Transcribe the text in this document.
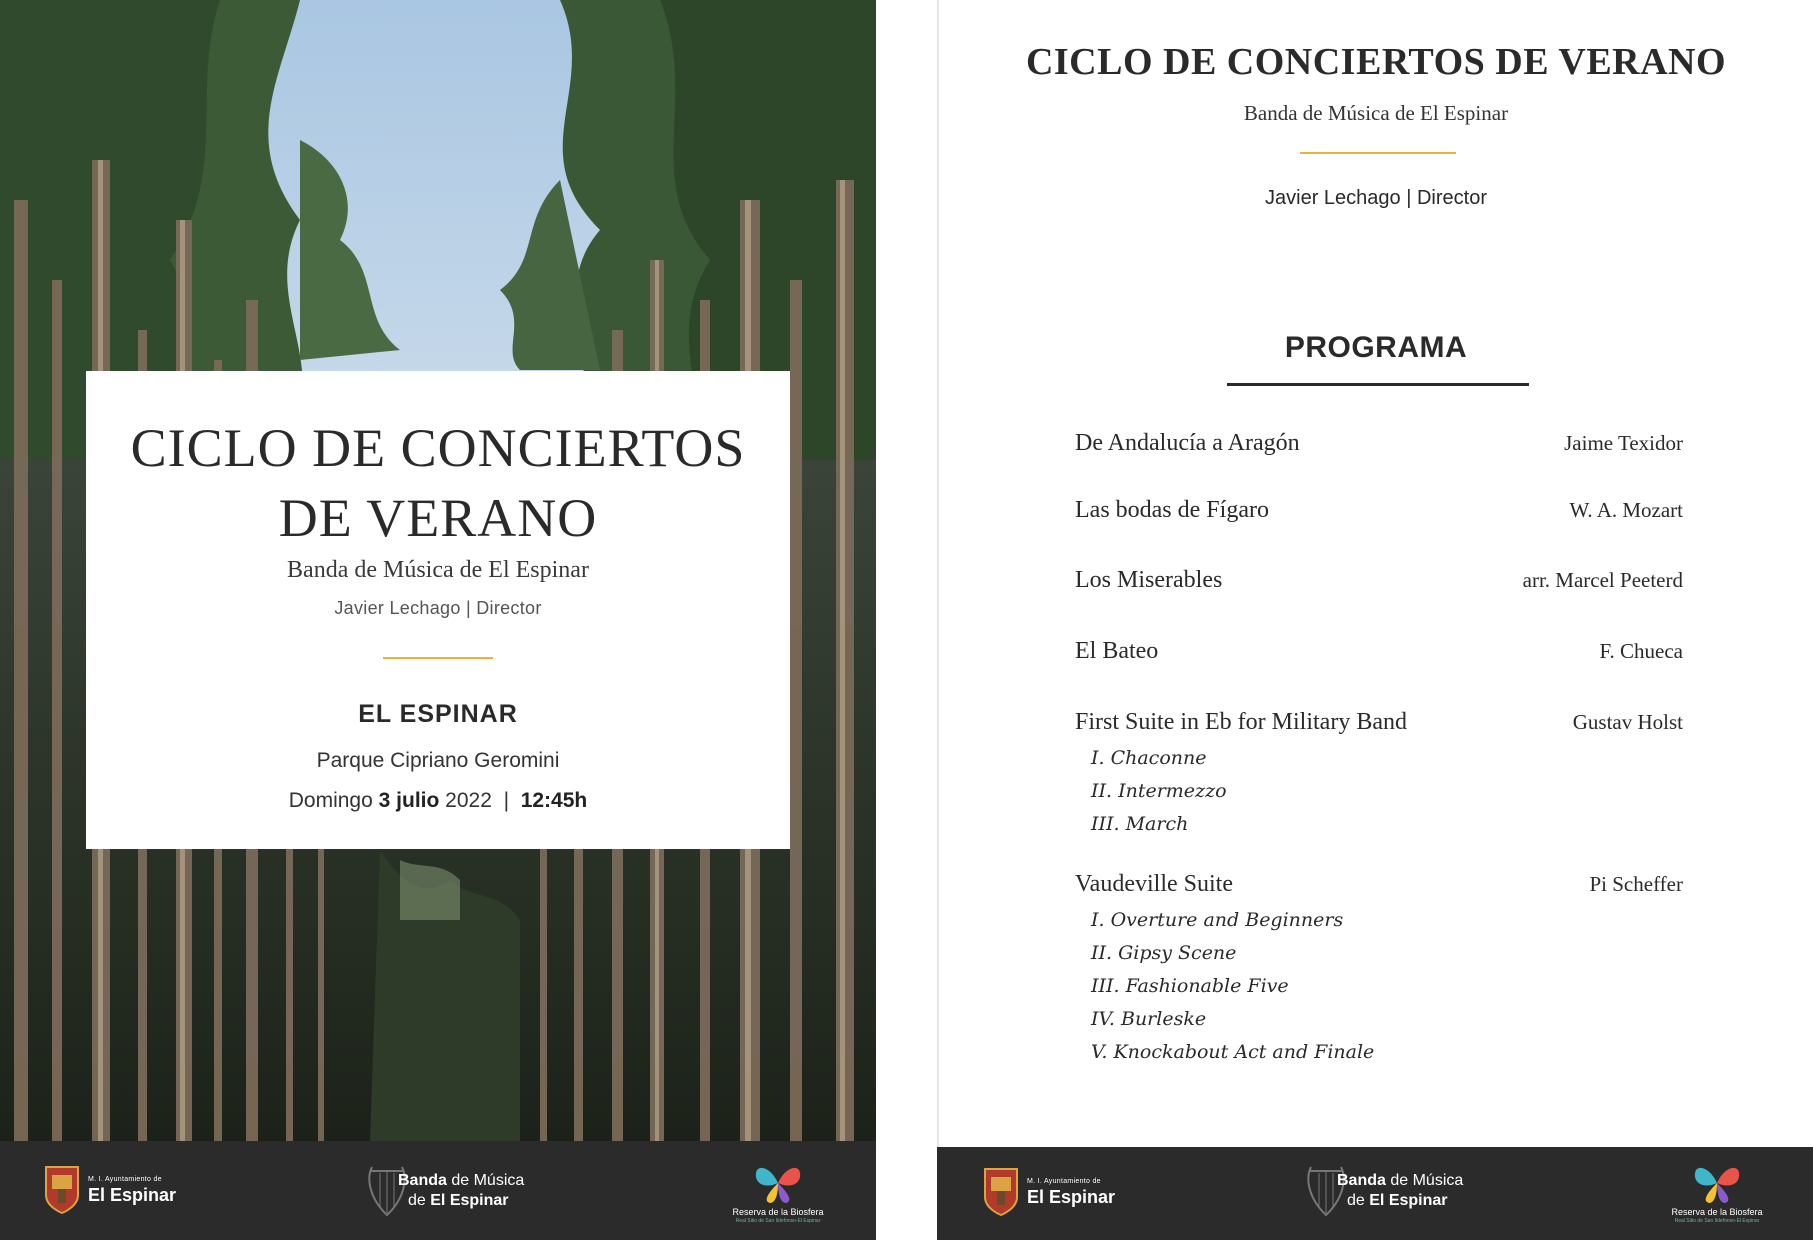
CICLO DE CONCIERTOS
DE VERANO
Banda de Música de El Espinar
Javier Lechago | Director
EL ESPINAR
Parque Cipriano Geromini
Domingo 3 julio 2022 | 12:45h
M. I. Ayuntamiento de
El Espinar
Banda de Música
de El Espinar
Reserva de la Biosfera
Real Sitio de San Ildefonso-El Espinar
CICLO DE CONCIERTOS DE VERANO
Banda de Música de El Espinar
Javier Lechago | Director
PROGRAMA
De Andalucía a Aragón	Jaime Texidor
Las bodas de Fígaro	W. A. Mozart
Los Miserables	arr. Marcel Peeterd
El Bateo	F. Chueca
First Suite in Eb for Military Band	Gustav Holst
I. Chaconne
II. Intermezzo
III. March
Vaudeville Suite	Pi Scheffer
I. Overture and Beginners
II. Gipsy Scene
III. Fashionable Five
IV. Burleske
V. Knockabout Act and Finale
M. I. Ayuntamiento de
El Espinar
Banda de Música
de El Espinar
Reserva de la Biosfera
Real Sitio de San Ildefonso-El Espinar
